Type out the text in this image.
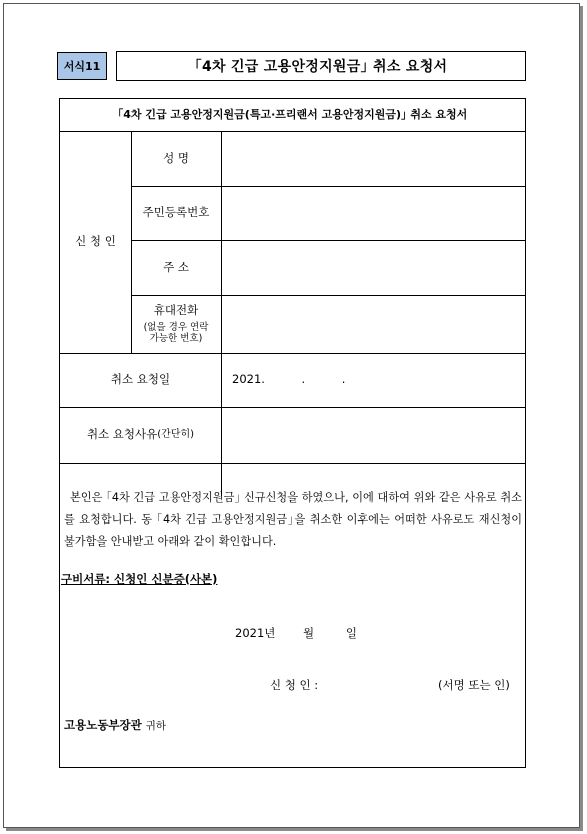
서식11	｢4차 긴급 고용안정지원금｣ 취소 요청서
｢4차 긴급 고용안정지원금(특고·프리랜서 고용안정지원금)｣ 취소 요청서
신 청 인
성 명
주민등록번호
주 소
휴대전화
(없을 경우 연락
가능한 번호)
취소 요청일	2021.          .          .
취소 요청사유 (간단히)
본인은 ｢4차 긴급 고용안정지원금｣ 신규신청을 하였으나, 이에 대하여 위와 같은 사유로 취소를 요청합니다. 동 ｢4차 긴급 고용안정지원금｣을 취소한 이후에는 어떠한 사유로도 재신청이 불가함을 안내받고 아래와 같이 확인합니다.
구비서류: 신청인 신분증(사본)
2021년 월	일
신 청 인 :	(서명 또는 인)
고용노동부장관 귀하
